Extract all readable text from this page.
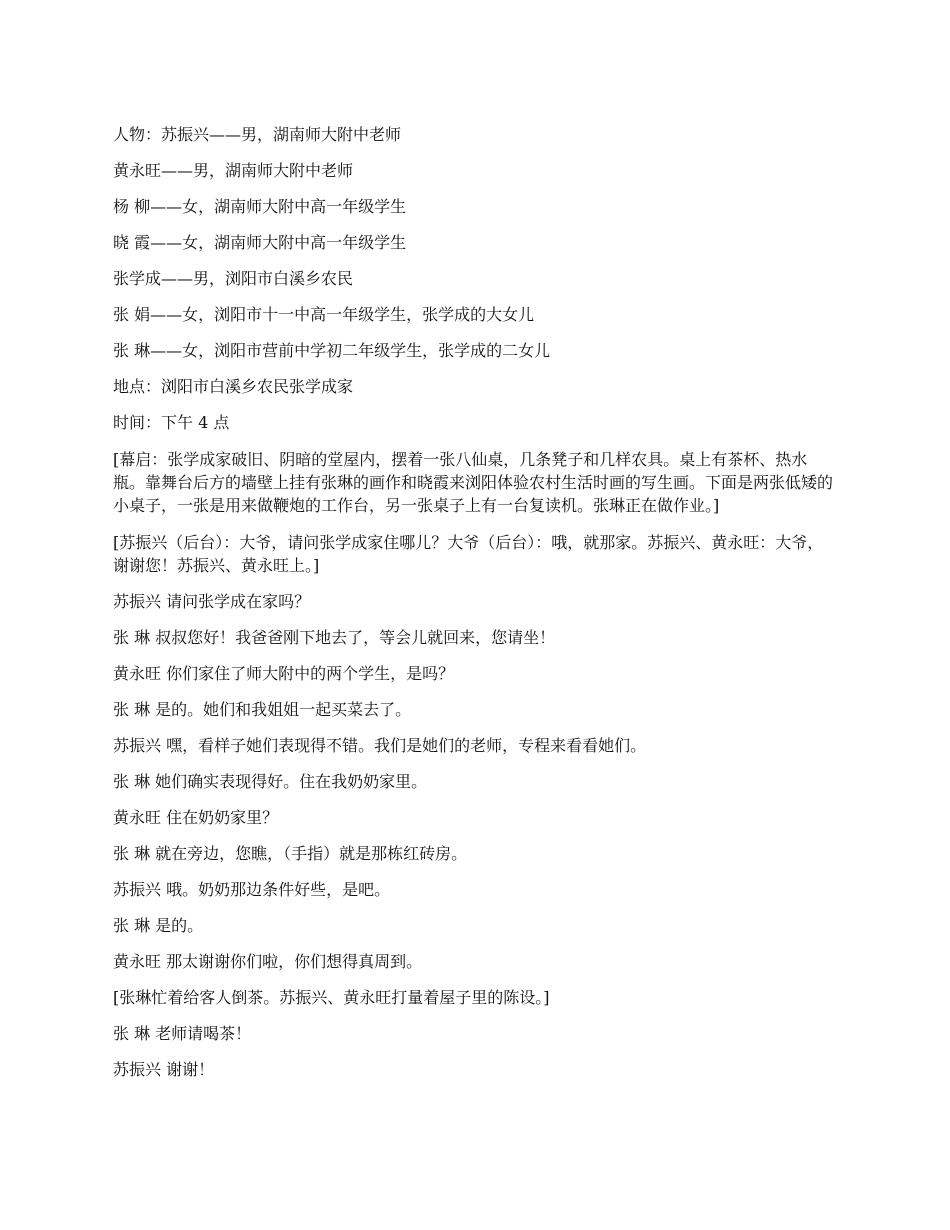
人物：苏振兴——男，湖南师大附中老师

黄永旺——男，湖南师大附中老师

杨 柳——女，湖南师大附中高一年级学生

晓 霞——女，湖南师大附中高一年级学生

张学成——男，浏阳市白溪乡农民

张 娟——女，浏阳市十一中高一年级学生，张学成的大女儿

张 琳——女，浏阳市营前中学初二年级学生，张学成的二女儿

地点：浏阳市白溪乡农民张学成家

时间：下午 4 点

[幕启：张学成家破旧、阴暗的堂屋内，摆着一张八仙桌，几条凳子和几样农具。桌上有茶杯、热水瓶。靠舞台后方的墙壁上挂有张琳的画作和晓霞来浏阳体验农村生活时画的写生画。下面是两张低矮的小桌子，一张是用来做鞭炮的工作台，另一张桌子上有一台复读机。张琳正在做作业。]

[苏振兴（后台）：大爷，请问张学成家住哪儿？大爷（后台）：哦，就那家。苏振兴、黄永旺：大爷，谢谢您！苏振兴、黄永旺上。]

苏振兴 请问张学成在家吗？

张 琳 叔叔您好！我爸爸刚下地去了，等会儿就回来，您请坐！

黄永旺 你们家住了师大附中的两个学生，是吗？

张 琳 是的。她们和我姐姐一起买菜去了。

苏振兴 嘿，看样子她们表现得不错。我们是她们的老师，专程来看看她们。

张 琳 她们确实表现得好。住在我奶奶家里。

黄永旺 住在奶奶家里？

张 琳 就在旁边，您瞧，（手指）就是那栋红砖房。

苏振兴 哦。奶奶那边条件好些，是吧。

张 琳 是的。

黄永旺 那太谢谢你们啦，你们想得真周到。

[张琳忙着给客人倒茶。苏振兴、黄永旺打量着屋子里的陈设。]

张 琳 老师请喝茶！

苏振兴 谢谢！
